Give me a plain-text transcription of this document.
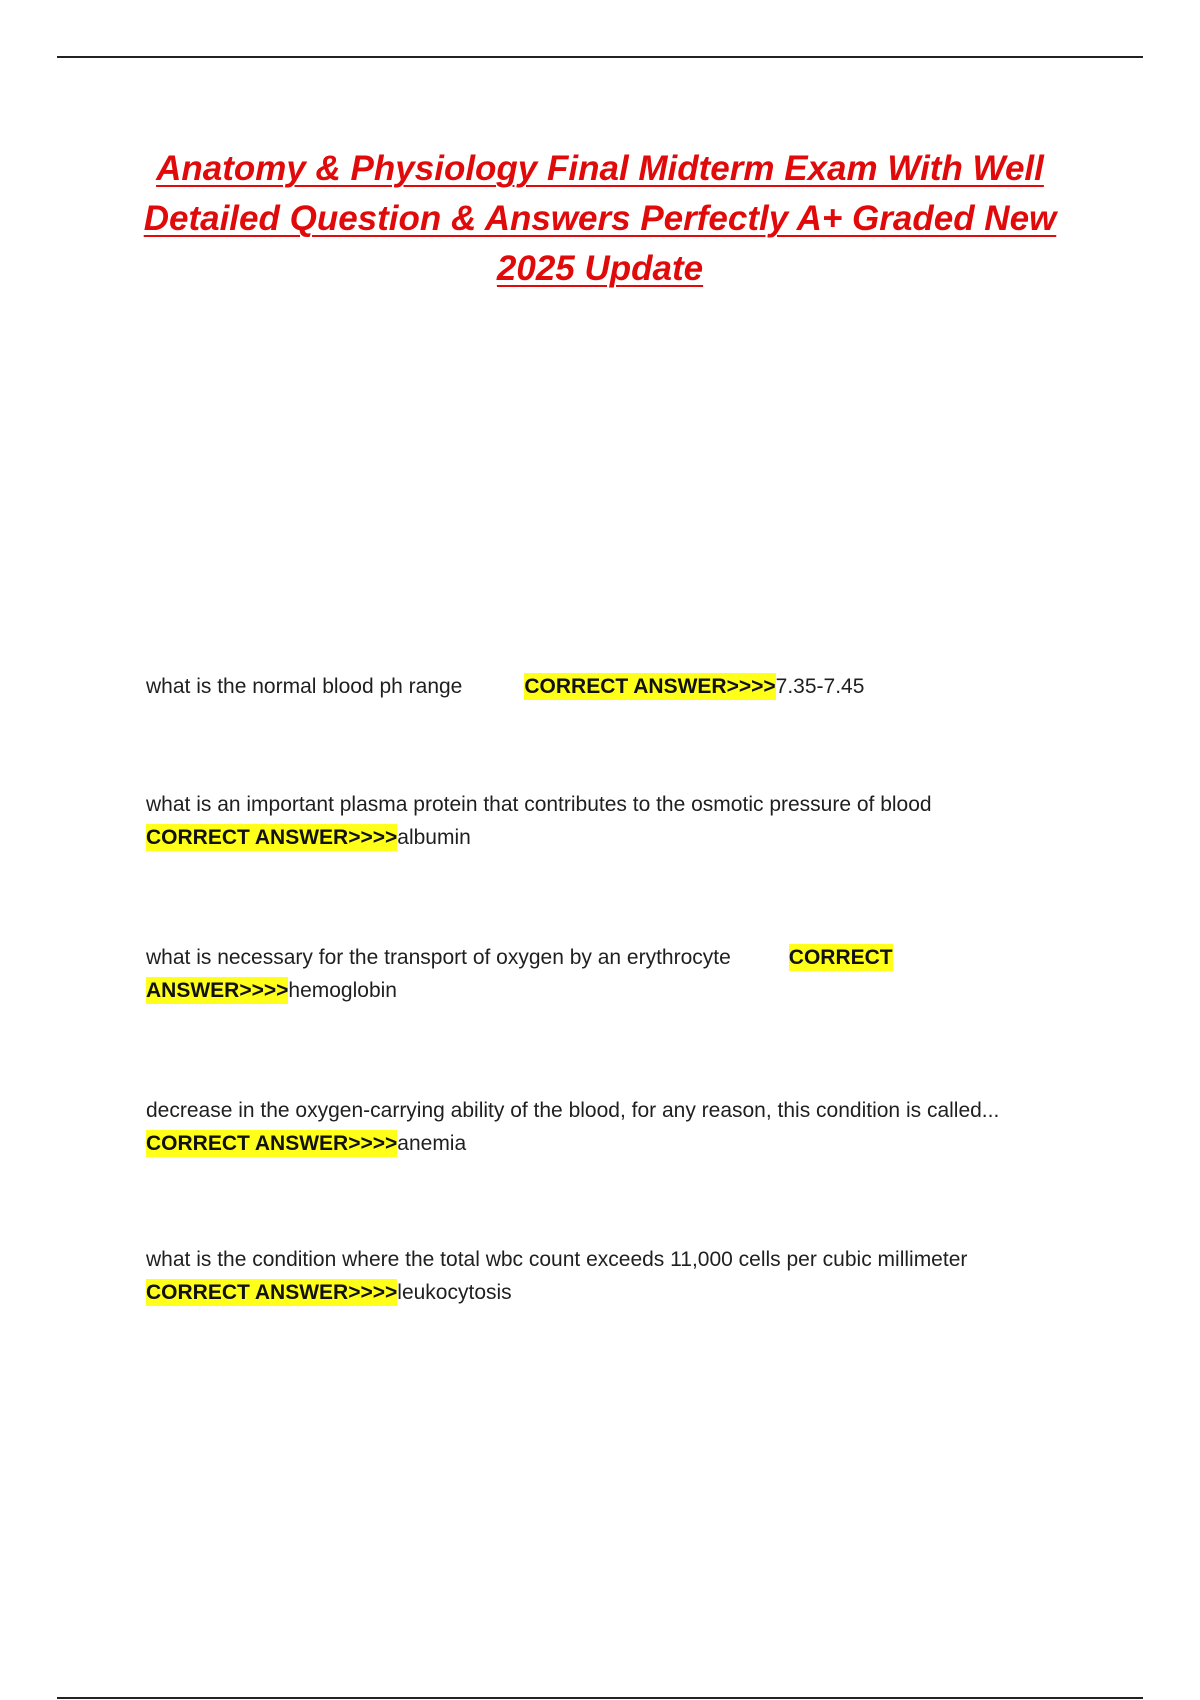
Anatomy & Physiology Final Midterm Exam With Well
Detailed Question & Answers Perfectly A+ Graded New
2025 Update
what is the normal blood ph range	CORRECT ANSWER>>>>7.35-7.45
what is an important plasma protein that contributes to the osmotic pressure of blood
CORRECT ANSWER>>>>albumin
what is necessary for the transport of oxygen by an erythrocyte	CORRECT
ANSWER>>>>hemoglobin
decrease in the oxygen-carrying ability of the blood, for any reason, this condition is called...
CORRECT ANSWER>>>>anemia
what is the condition where the total wbc count exceeds 11,000 cells per cubic millimeter
CORRECT ANSWER>>>>leukocytosis
